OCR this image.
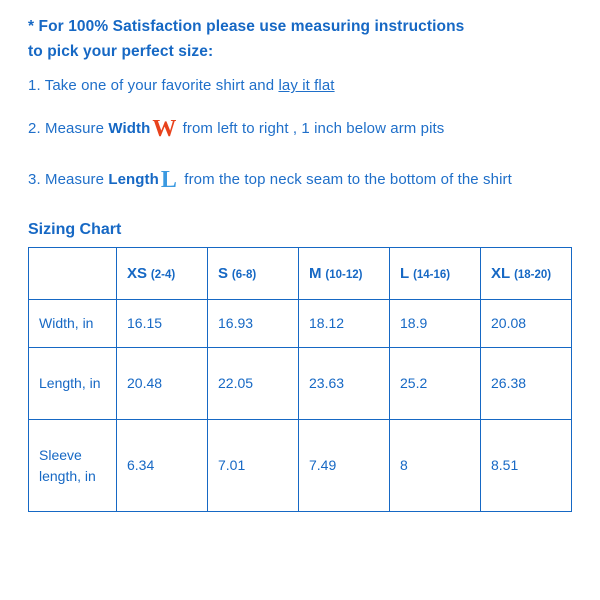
* For 100% Satisfaction please use measuring instructions
to pick your perfect size:
1. Take one of your favorite shirt and lay it flat
2. Measure WidthW from left to right , 1 inch below arm pits
3. Measure LengthL from the top neck seam to the bottom of the shirt
Sizing Chart
	XS (2-4)	S (6-8)	M (10-12)	L (14-16)	XL (18-20)
Width, in	16.15	16.93	18.12	18.9	20.08
Length, in	20.48	22.05	23.63	25.2	26.38
Sleeve length, in	6.34	7.01	7.49	8	8.51
